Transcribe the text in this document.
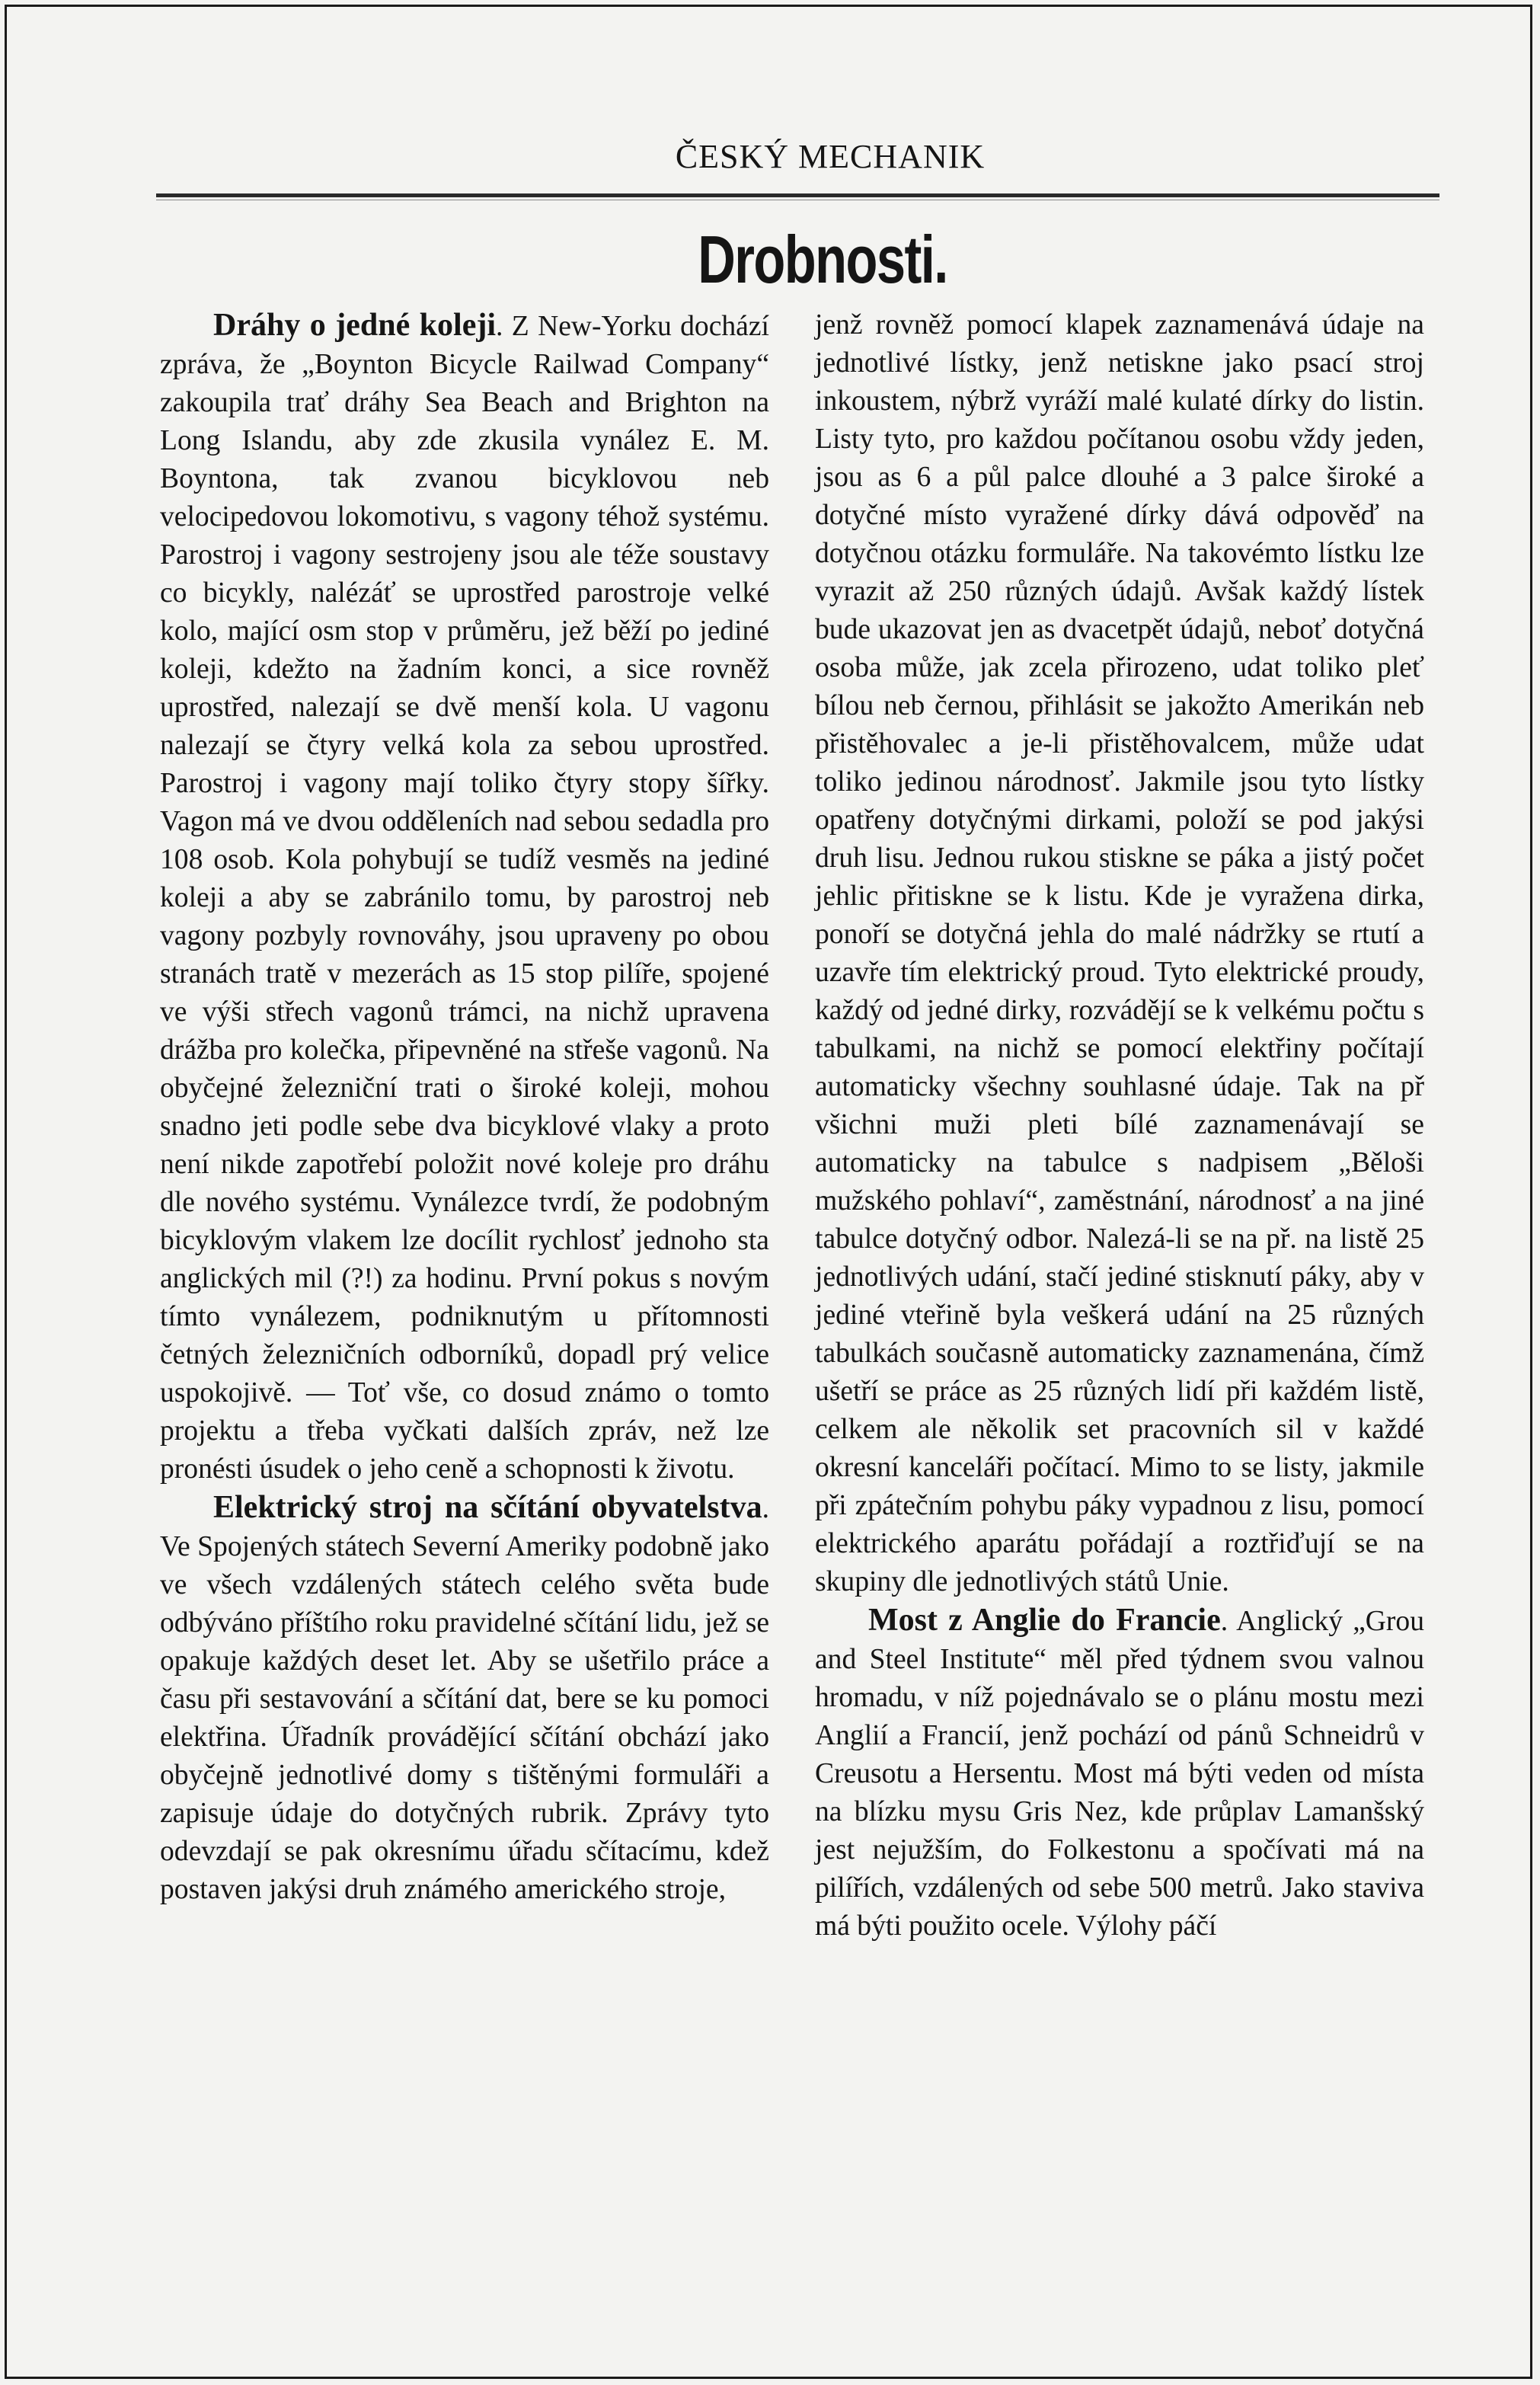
ČESKÝ MECHANIK
Drobnosti.

Dráhy o jedné koleji. Z New-Yorku dochází zpráva, že „Boynton Bicycle Railwad Company“ zakoupila trať dráhy Sea Beach and Brighton na Long Islandu, aby zde zkusila vynález E. M. Boyntona, tak zvanou bicyklovou neb velocipedovou lokomotivu, s vagony téhož systému. Parostroj i vagony sestrojeny jsou ale téže soustavy co bicykly, nalézáť se uprostřed parostroje velké kolo, mající osm stop v průměru, jež běží po jediné koleji, kdežto na žadním konci, a sice rovněž uprostřed, nalezají se dvě menší kola. U vagonu nalezají se čtyry velká kola za sebou uprostřed. Parostroj i vagony mají toliko čtyry stopy šířky. Vagon má ve dvou odděleních nad sebou sedadla pro 108 osob. Kola pohybují se tudíž vesměs na jediné koleji a aby se zabránilo tomu, by parostroj neb vagony pozbyly rovnováhy, jsou upraveny po obou stranách tratě v mezerách as 15 stop pilíře, spojené ve výši střech vagonů trámci, na nichž upravena drážba pro kolečka, připevněné na střeše vagonů. Na obyčejné železniční trati o široké koleji, mohou snadno jeti podle sebe dva bicyklové vlaky a proto není nikde zapotřebí položit nové koleje pro dráhu dle nového systému. Vynálezce tvrdí, že podobným bicyklovým vlakem lze docílit rychlosť jednoho sta anglických mil (?!) za hodinu. První pokus s novým tímto vynálezem, podniknutým u přítomnosti četných železničních odborníků, dopadl prý velice uspokojivě. — Toť vše, co dosud známo o tomto projektu a třeba vyčkati dalších zpráv, než lze pronésti úsudek o jeho ceně a schopnosti k životu.

Elektrický stroj na sčítání obyvatelstva. Ve Spojených státech Severní Ameriky podobně jako ve všech vzdálených státech celého světa bude odbýváno příštího roku pravidelné sčítání lidu, jež se opakuje každých deset let. Aby se ušetřilo práce a času při sestavování a sčítání dat, bere se ku pomoci elektřina. Úřadník provádějící sčítání obchází jako obyčejně jednotlivé domy s tištěnými formuláři a zapisuje údaje do dotyčných rubrik. Zprávy tyto odevzdají se pak okresnímu úřadu sčítacímu, kdež postaven jakýsi druh známého amerického stroje,

jenž rovněž pomocí klapek zaznamenává údaje na jednotlivé lístky, jenž netiskne jako psací stroj inkoustem, nýbrž vyráží malé kulaté dírky do listin. Listy tyto, pro každou počítanou osobu vždy jeden, jsou as 6 a půl palce dlouhé a 3 palce široké a dotyčné místo vyražené dírky dává odpověď na dotyčnou otázku formuláře. Na takovémto lístku lze vyrazit až 250 různých údajů. Avšak každý lístek bude ukazovat jen as dvacetpět údajů, neboť dotyčná osoba může, jak zcela přirozeno, udat toliko pleť bílou neb černou, přihlásit se jakožto Amerikán neb přistěhovalec a je-li přistěhovalcem, může udat toliko jedinou národnosť. Jakmile jsou tyto lístky opatřeny dotyčnými dirkami, položí se pod jakýsi druh lisu. Jednou rukou stiskne se páka a jistý počet jehlic přitiskne se k listu. Kde je vyražena dirka, ponoří se dotyčná jehla do malé nádržky se rtutí a uzavře tím elektrický proud. Tyto elektrické proudy, každý od jedné dirky, rozvádějí se k velkému počtu s tabulkami, na nichž se pomocí elektřiny počítají automaticky všechny souhlasné údaje. Tak na př všichni muži pleti bílé zaznamenávají se automaticky na tabulce s nadpisem „Běloši mužského pohlaví“, zaměstnání, národnosť a na jiné tabulce dotyčný odbor. Nalezá-li se na př. na listě 25 jednotlivých udání, stačí jediné stisknutí páky, aby v jediné vteřině byla veškerá udání na 25 různých tabulkách současně automaticky zaznamenána, čímž ušetří se práce as 25 různých lidí při každém listě, celkem ale několik set pracovních sil v každé okresní kanceláři počítací. Mimo to se listy, jakmile při zpátečním pohybu páky vypadnou z lisu, pomocí elektrického aparátu pořádají a roztřiďují se na skupiny dle jednotlivých států Unie.

Most z Anglie do Francie. Anglický „Grou and Steel Institute“ měl před týdnem svou valnou hromadu, v níž pojednávalo se o plánu mostu mezi Anglií a Francií, jenž pochází od pánů Schneidrů v Creusotu a Hersentu. Most má býti veden od místa na blízku mysu Gris Nez, kde průplav Lamanšský jest nejužším, do Folkestonu a spočívati má na pilířích, vzdálených od sebe 500 metrů. Jako staviva má býti použito ocele. Výlohy páčí
